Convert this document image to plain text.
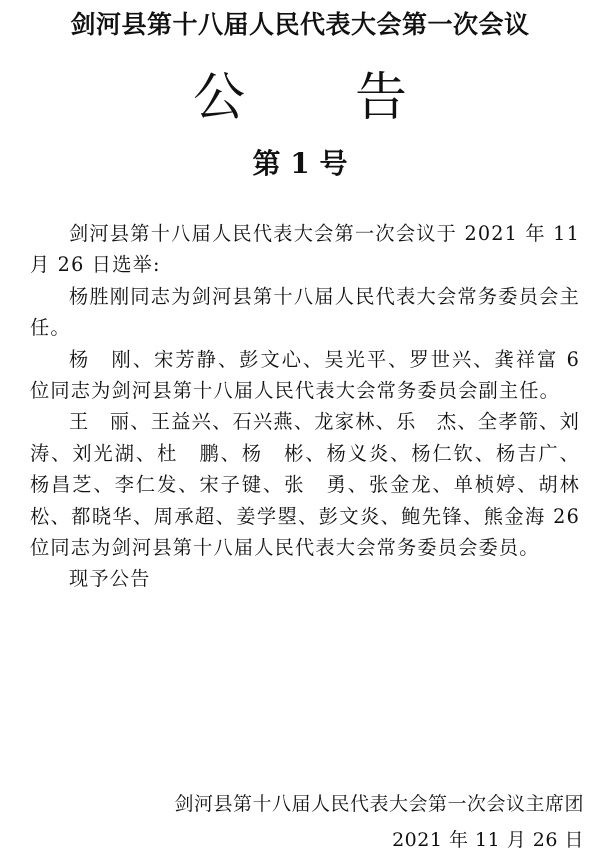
剑河县第十八届人民代表大会第一次会议
公 告
第 1 号

剑河县第十八届人民代表大会第一次会议于 2021 年 11 月 26 日选举:

杨胜刚同志为剑河县第十八届人民代表大会常务委员会主任。

杨　刚、宋芳静、彭文心、吴光平、罗世兴、龚祥富 6 位同志为剑河县第十八届人民代表大会常务委员会副主任。

王　丽、王益兴、石兴燕、龙家林、乐　杰、全孝箭、刘　涛、刘光湖、杜　鹏、杨　彬、杨义炎、杨仁钦、杨吉广、杨昌芝、李仁发、宋子键、张　勇、张金龙、单桢婷、胡林松、都晓华、周承超、姜学曌、彭文炎、鲍先锋、熊金海 26 位同志为剑河县第十八届人民代表大会常务委员会委员。

现予公告

剑河县第十八届人民代表大会第一次会议主席团
2021 年 11 月 26 日
